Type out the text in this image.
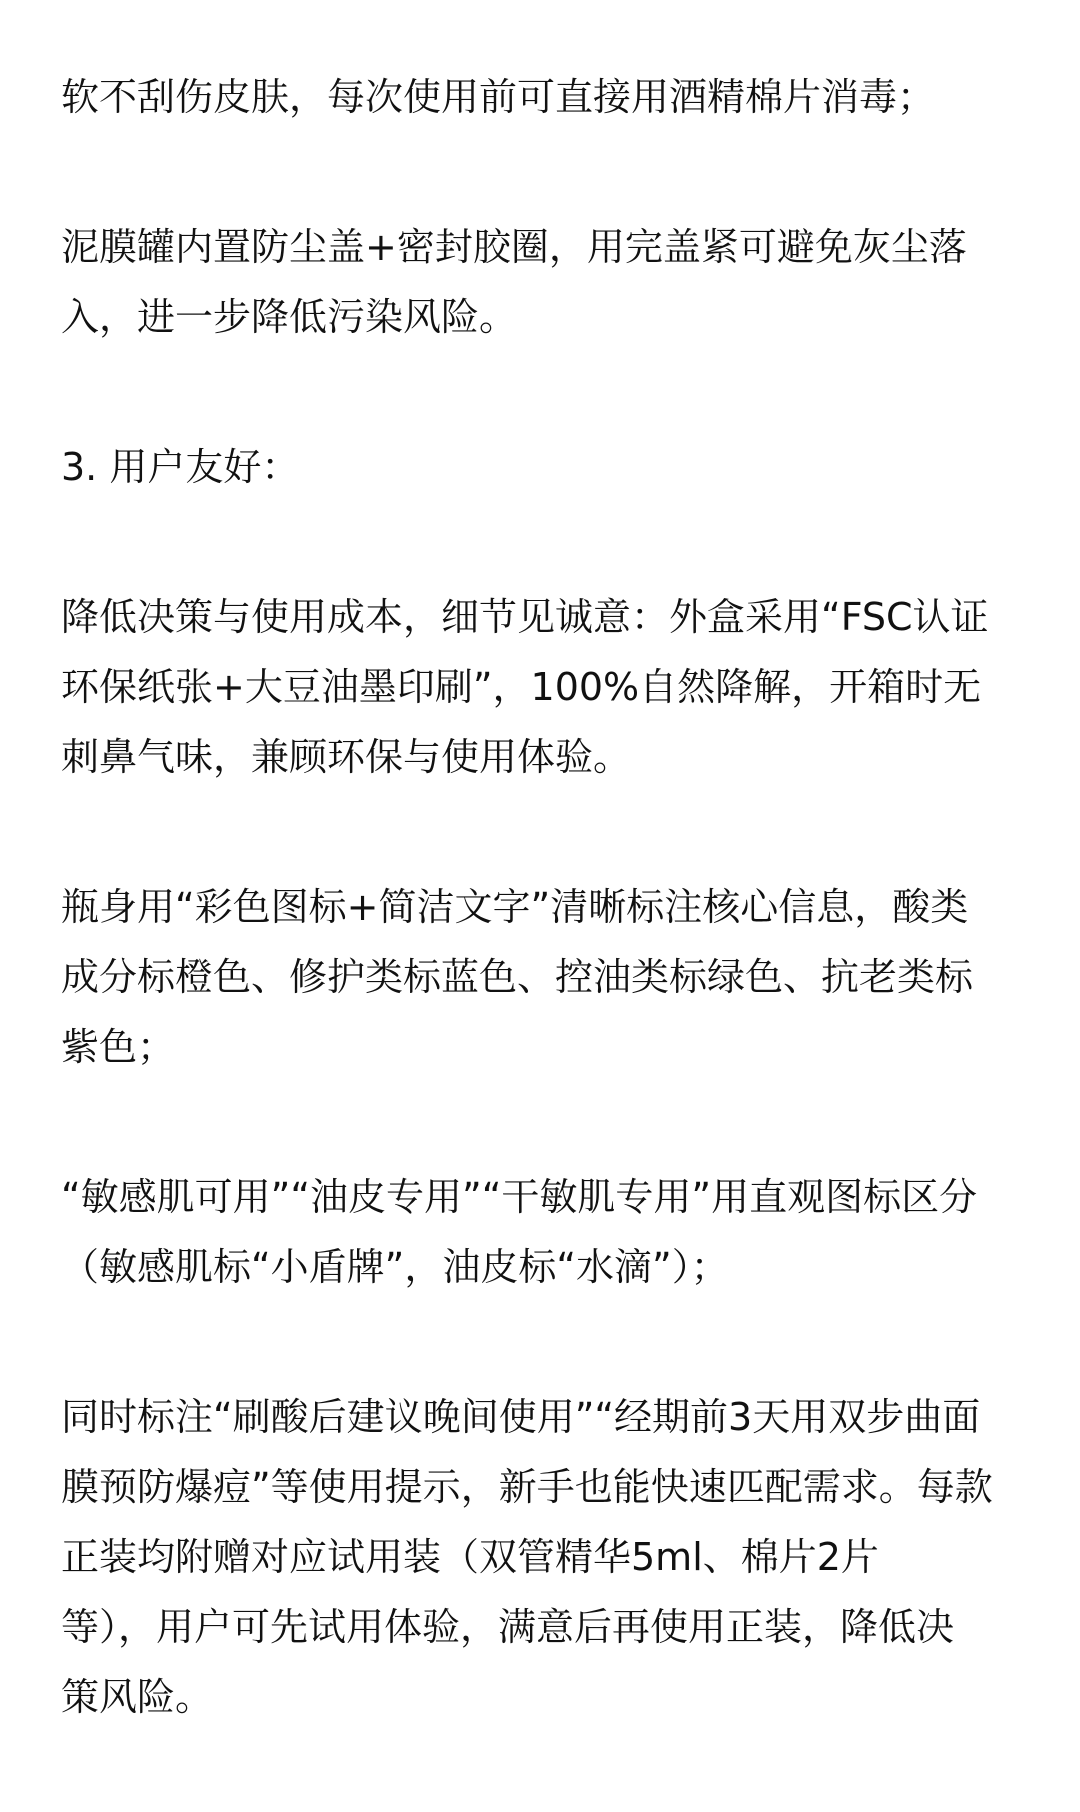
软不刮伤皮肤，每次使用前可直接用酒精棉片消毒；

泥膜罐内置防尘盖+密封胶圈，用完盖紧可避免灰尘落
入，进一步降低污染风险。

3. 用户友好：

降低决策与使用成本，细节见诚意：外盒采用“FSC认证
环保纸张+大豆油墨印刷”，100%自然降解，开箱时无
刺鼻气味，兼顾环保与使用体验。

瓶身用“彩色图标+简洁文字”清晰标注核心信息，酸类
成分标橙色、修护类标蓝色、控油类标绿色、抗老类标
紫色；

“敏感肌可用”“油皮专用”“干敏肌专用”用直观图标区分
（敏感肌标“小盾牌”，油皮标“水滴”）；

同时标注“刷酸后建议晚间使用”“经期前3天用双步曲面
膜预防爆痘”等使用提示，新手也能快速匹配需求。每款
正装均附赠对应试用装（双管精华5ml、棉片2片
等），用户可先试用体验，满意后再使用正装，降低决
策风险。
